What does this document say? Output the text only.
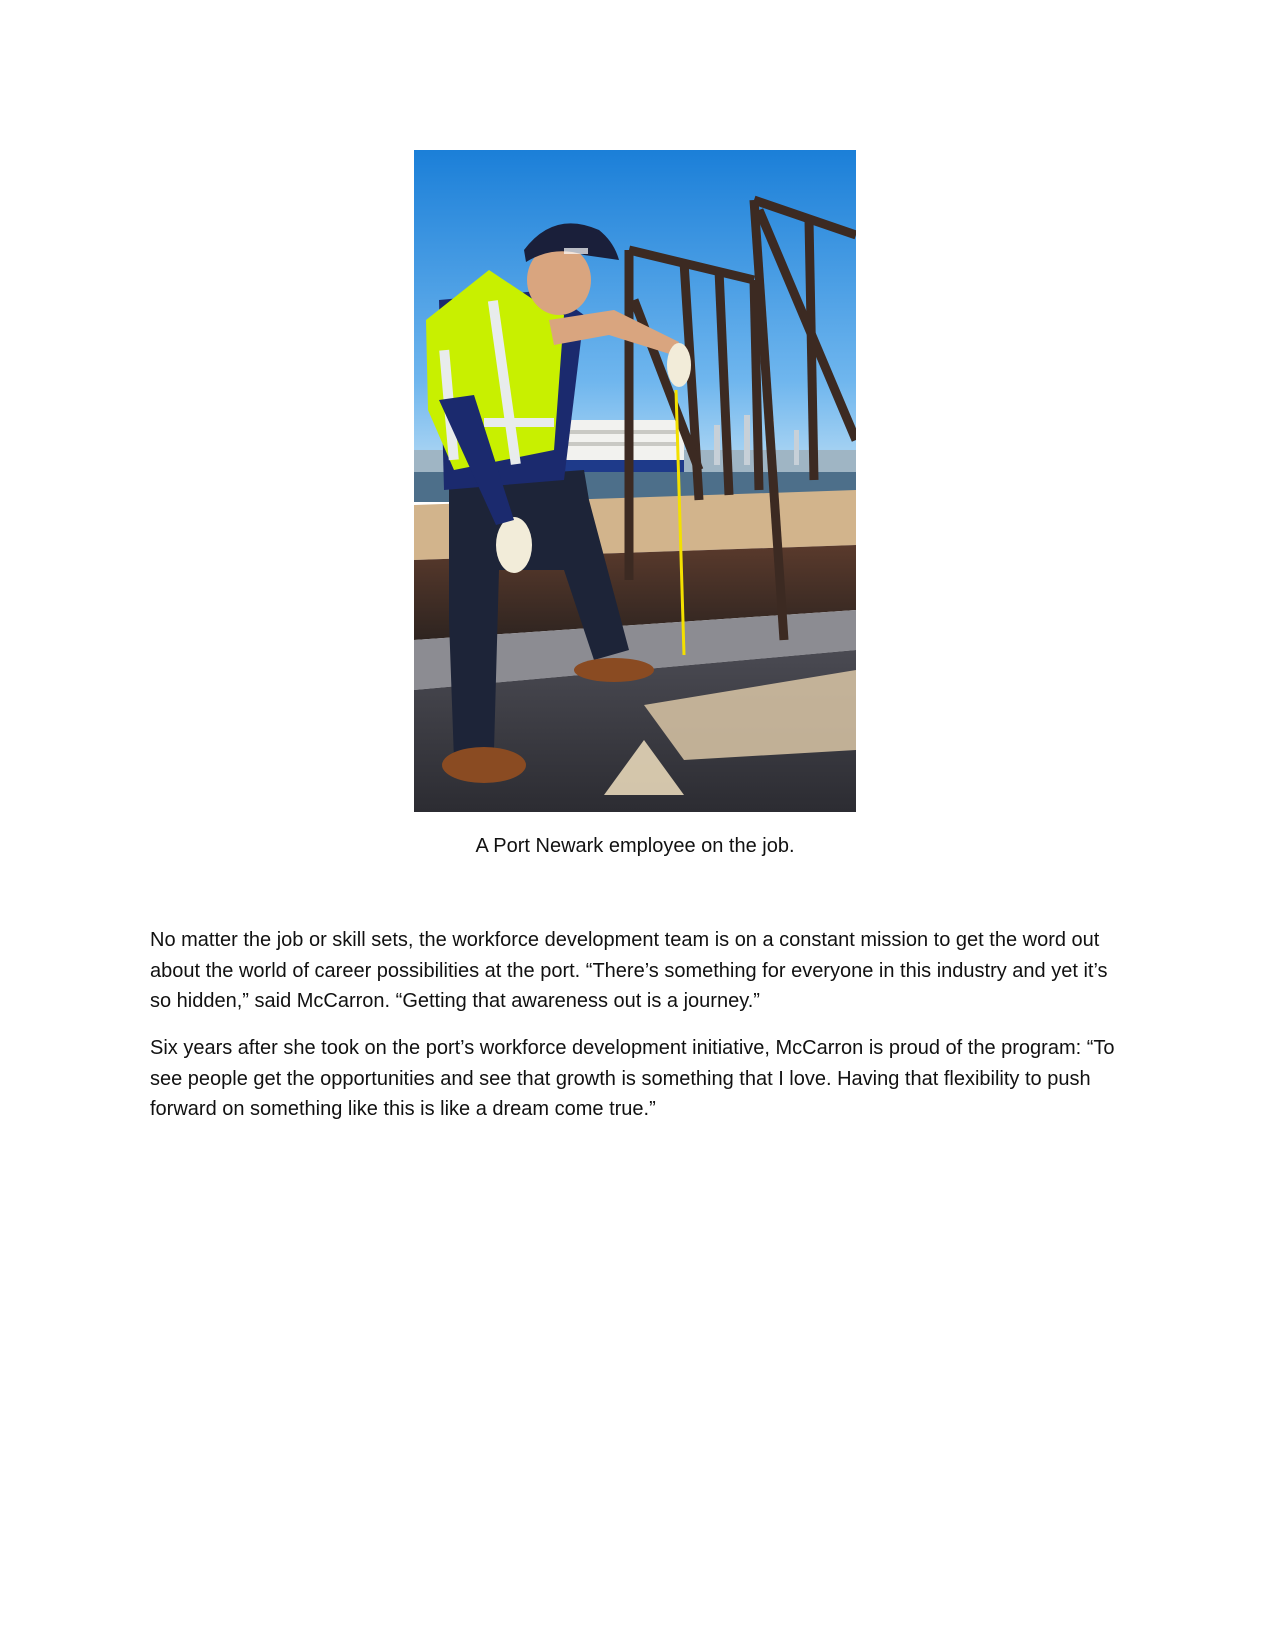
A Port Newark employee on the job.

No matter the job or skill sets, the workforce development team is on a constant mission to get the word out about the world of career possibilities at the port. “There’s something for everyone in this industry and yet it’s so hidden,” said McCarron. “Getting that awareness out is a journey.”

Six years after she took on the port’s workforce development initiative, McCarron is proud of the program: “To see people get the opportunities and see that growth is something that I love. Having that flexibility to push forward on something like this is like a dream come true.”
